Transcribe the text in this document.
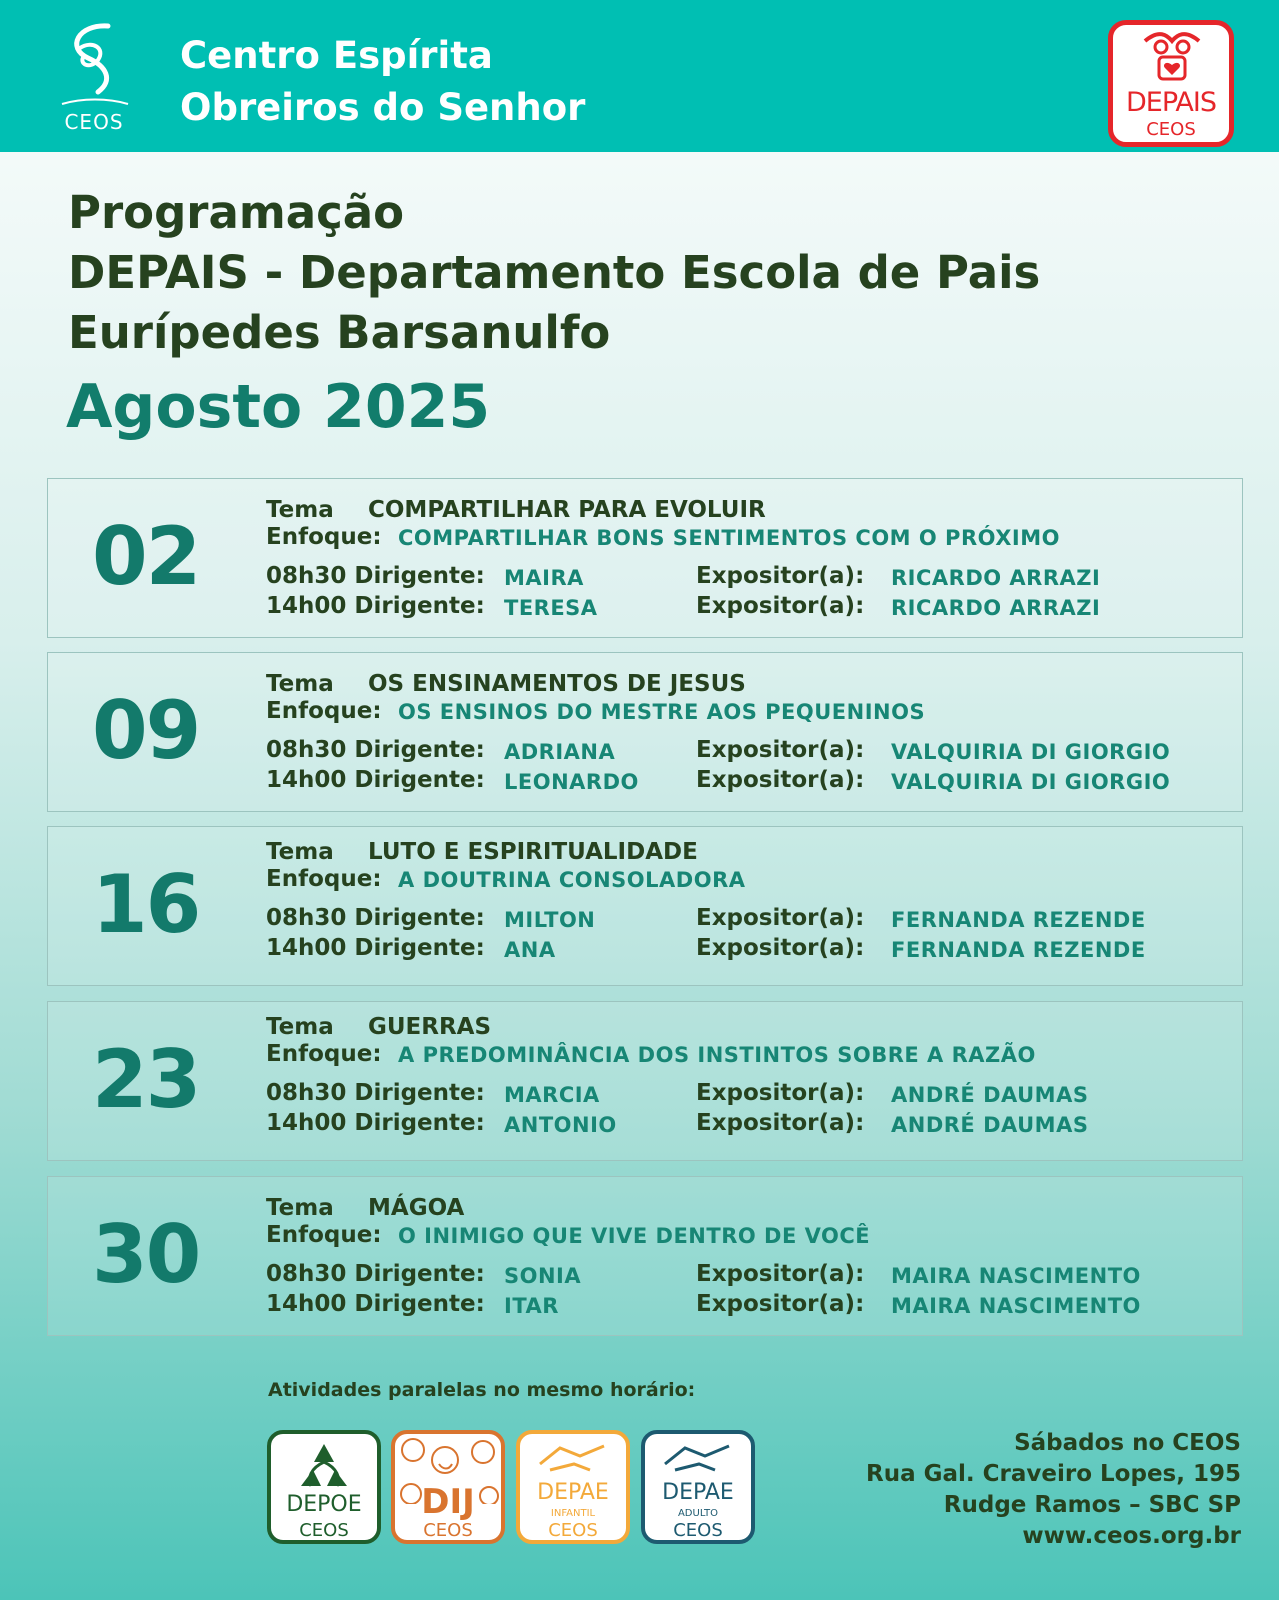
CEOS
Centro Espírita
Obreiros do Senhor	DEPAIS
CEOS
Programação
DEPAIS - Departamento Escola de Pais
Eurípedes Barsanulfo
Agosto 2025
02	Tema COMPARTILHAR PARA EVOLUIR
Enfoque: COMPARTILHAR BONS SENTIMENTOS COM O PRÓXIMO
08h30 Dirigente: MAIRA	Expositor(a): RICARDO ARRAZI
14h00 Dirigente: TERESA	Expositor(a): RICARDO ARRAZI
09	Tema OS ENSINAMENTOS DE JESUS
Enfoque: OS ENSINOS DO MESTRE AOS PEQUENINOS
08h30 Dirigente: ADRIANA	Expositor(a): VALQUIRIA DI GIORGIO
14h00 Dirigente: LEONARDO Expositor(a): VALQUIRIA DI GIORGIO
16
Tema LUTO E ESPIRITUALIDADE
Enfoque: A DOUTRINA CONSOLADORA
08h30 Dirigente: MILTON	Expositor(a): FERNANDA REZENDE
14h00 Dirigente: ANA	Expositor(a): FERNANDA REZENDE
23
Tema GUERRAS
Enfoque: A PREDOMINÂNCIA DOS INSTINTOS SOBRE A RAZÃO
08h30 Dirigente: MARCIA	Expositor(a): ANDRÉ DAUMAS
14h00 Dirigente: ANTONIO	Expositor(a): ANDRÉ DAUMAS
30	Tema MÁGOA
Enfoque: O INIMIGO QUE VIVE DENTRO DE VOCÊ
08h30 Dirigente: SONIA	Expositor(a): MAIRA NASCIMENTO
14h00 Dirigente: ITAR	Expositor(a): MAIRA NASCIMENTO
Atividades paralelas no mesmo horário:
DEPOE
CEOS
DIJ
CEOS
DEPAE
INFANTIL
CEOS
DEPAE
ADULTO
CEOS
Sábados no CEOS
Rua Gal. Craveiro Lopes, 195
Rudge Ramos – SBC SP
www.ceos.org.br
